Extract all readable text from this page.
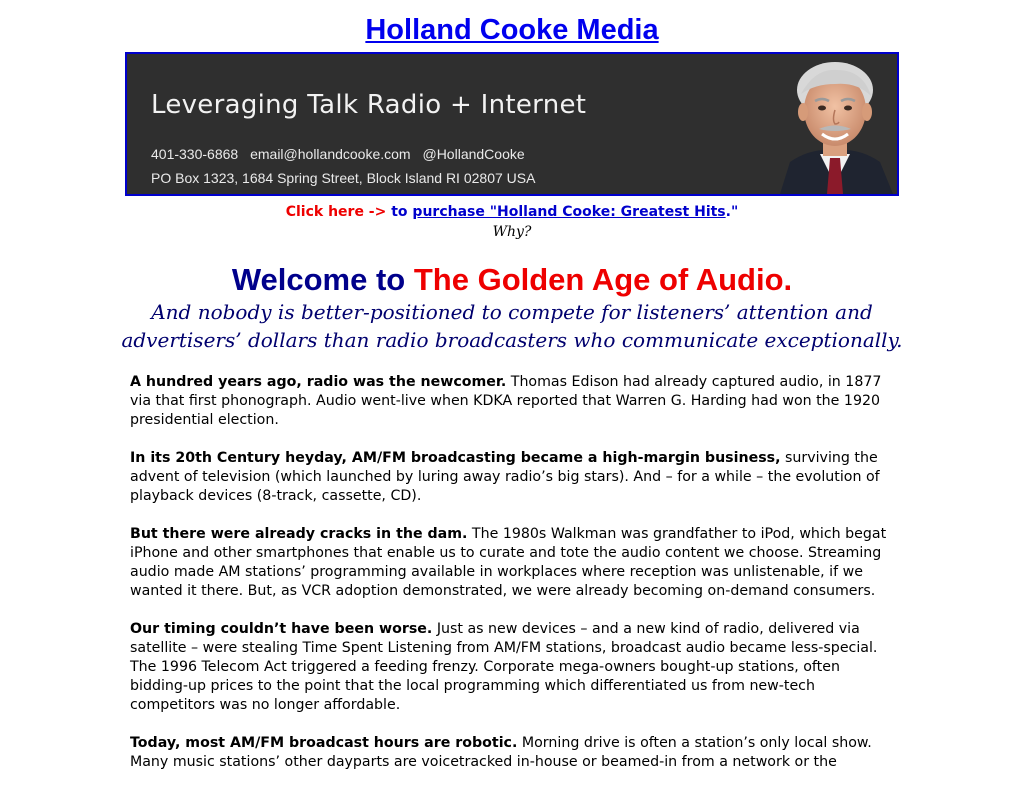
Holland Cooke Media
Leveraging Talk Radio + Internet
401-330-6868 email@hollandcooke.com @HollandCooke
PO Box 1323, 1684 Spring Street, Block Island RI 02807 USA
Click here -> to purchase "Holland Cooke: Greatest Hits."
Why?
Welcome to The Golden Age of Audio.
And nobody is better-positioned to compete for listeners’ attention and advertisers’ dollars than radio broadcasters who communicate exceptionally.

A hundred years ago, radio was the newcomer. Thomas Edison had already captured audio, in 1877 via that first phonograph. Audio went-live when KDKA reported that Warren G. Harding had won the 1920 presidential election.

In its 20th Century heyday, AM/FM broadcasting became a high-margin business, surviving the advent of television (which launched by luring away radio’s big stars). And – for a while – the evolution of playback devices (8-track, cassette, CD).

But there were already cracks in the dam. The 1980s Walkman was grandfather to iPod, which begat iPhone and other smartphones that enable us to curate and tote the audio content we choose. Streaming audio made AM stations’ programming available in workplaces where reception was unlistenable, if we wanted it there. But, as VCR adoption demonstrated, we were already becoming on-demand consumers.

Our timing couldn’t have been worse. Just as new devices – and a new kind of radio, delivered via satellite – were stealing Time Spent Listening from AM/FM stations, broadcast audio became less-special. The 1996 Telecom Act triggered a feeding frenzy. Corporate mega-owners bought-up stations, often bidding-up prices to the point that the local programming which differentiated us from new-tech competitors was no longer affordable.

Today, most AM/FM broadcast hours are robotic. Morning drive is often a station’s only local show. Many music stations’ other dayparts are voicetracked in-house or beamed-in from a network or the
